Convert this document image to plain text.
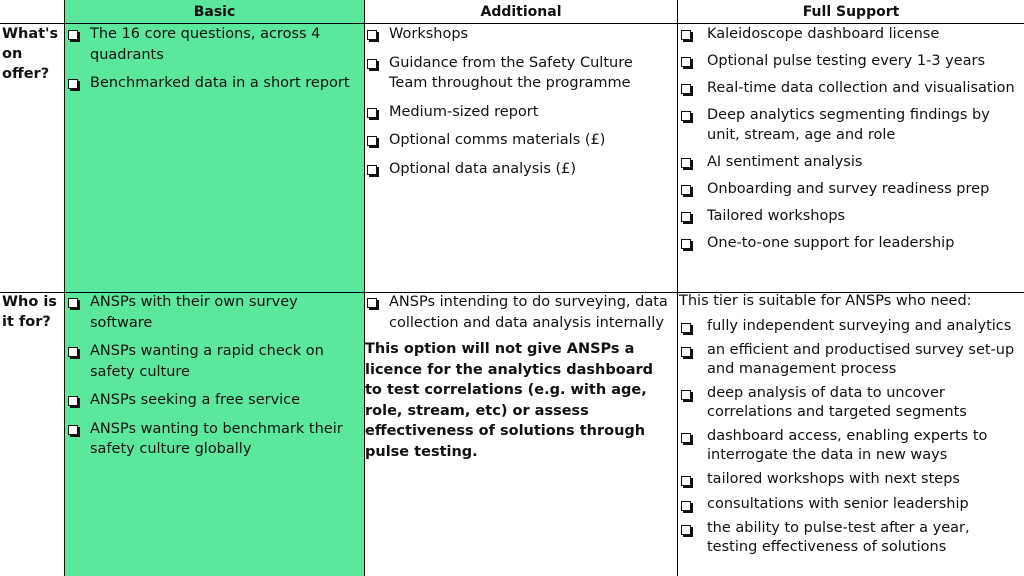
Basic	Additional	Full Support
What's on offer?
Who is it for?
The 16 core questions, across 4 quadrants
Benchmarked data in a short report
ANSPs with their own survey software
ANSPs wanting a rapid check on safety culture
ANSPs seeking a free service
ANSPs wanting to benchmark their safety culture globally
Workshops
Guidance from the Safety Culture Team throughout the programme
Medium-sized report
Optional comms materials (£)
Optional data analysis (£)
ANSPs intending to do surveying, data collection and data analysis internally
This option will not give ANSPs a licence for the analytics dashboard to test correlations (e.g. with age, role, stream, etc) or assess effectiveness of solutions through pulse testing.
Kaleidoscope dashboard license
Optional pulse testing every 1-3 years
Real-time data collection and visualisation
Deep analytics segmenting findings by unit, stream, age and role
AI sentiment analysis
Onboarding and survey readiness prep
Tailored workshops
One-to-one support for leadership
This tier is suitable for ANSPs who need:
fully independent surveying and analytics
an efficient and productised survey set-up and management process
deep analysis of data to uncover correlations and targeted segments
dashboard access, enabling experts to interrogate the data in new ways
tailored workshops with next steps
consultations with senior leadership
the ability to pulse-test after a year, testing effectiveness of solutions
